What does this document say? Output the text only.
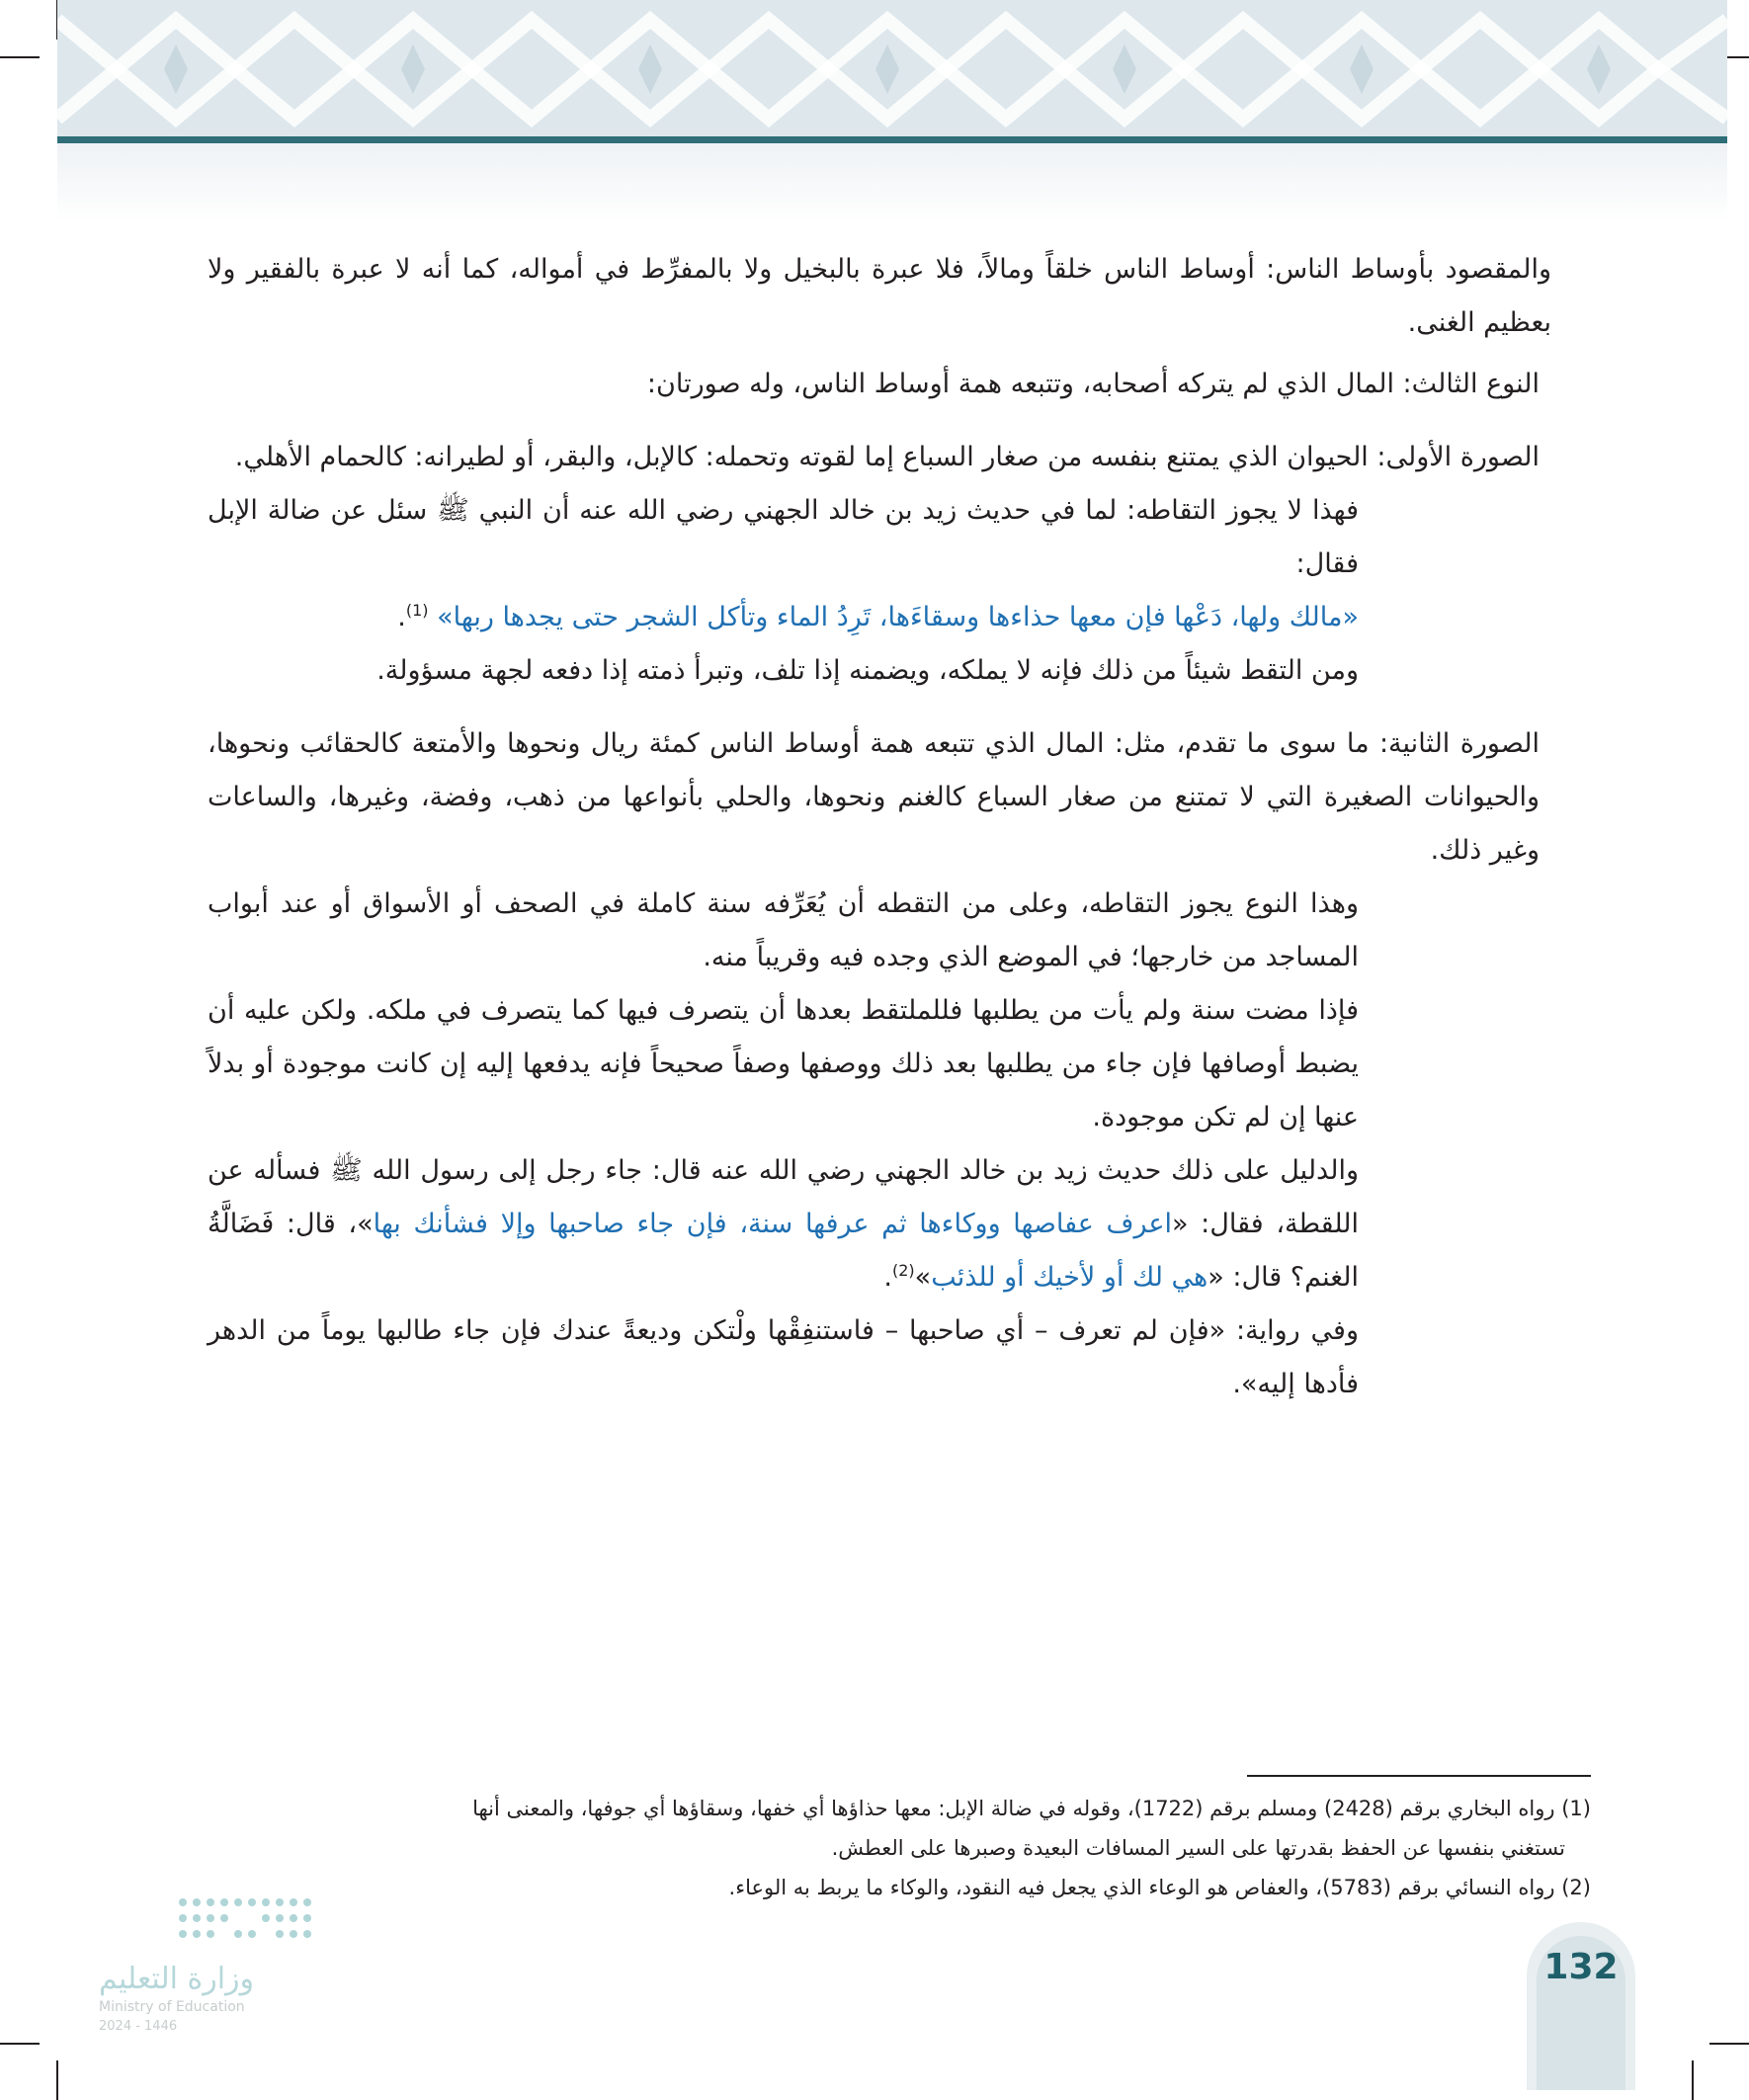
والمقصود بأوساط الناس: أوساط الناس خلقاً ومالاً، فلا عبرة بالبخيل ولا بالمفرِّط في أمواله، كما أنه لا عبرة بالفقير ولا بعظيم الغنى.

النوع الثالث: المال الذي لم يتركه أصحابه، وتتبعه همة أوساط الناس، وله صورتان:

الصورة الأولى: الحيوان الذي يمتنع بنفسه من صغار السباع إما لقوته وتحمله: كالإبل، والبقر، أو لطيرانه: كالحمام الأهلي.

فهذا لا يجوز التقاطه: لما في حديث زيد بن خالد الجهني رضي الله عنه أن النبي ﷺ سئل عن ضالة الإبل فقال:
«مالك ولها، دَعْها فإن معها حذاءها وسقاءَها، تَرِدُ الماء وتأكل الشجر حتى يجدها ربها» $^{(1)}$.
ومن التقط شيئاً من ذلك فإنه لا يملكه، ويضمنه إذا تلف، وتبرأ ذمته إذا دفعه لجهة مسؤولة.

الصورة الثانية: ما سوى ما تقدم، مثل: المال الذي تتبعه همة أوساط الناس كمئة ريال ونحوها والأمتعة كالحقائب ونحوها، والحيوانات الصغيرة التي لا تمتنع من صغار السباع كالغنم ونحوها، والحلي بأنواعها من ذهب، وفضة، وغيرها، والساعات وغير ذلك.

وهذا النوع يجوز التقاطه، وعلى من التقطه أن يُعَرِّفه سنة كاملة في الصحف أو الأسواق أو عند أبواب المساجد من خارجها؛ في الموضع الذي وجده فيه وقريباً منه.

فإذا مضت سنة ولم يأت من يطلبها فللملتقط بعدها أن يتصرف فيها كما يتصرف في ملكه. ولكن عليه أن يضبط أوصافها فإن جاء من يطلبها بعد ذلك ووصفها وصفاً صحيحاً فإنه يدفعها إليه إن كانت موجودة أو بدلاً عنها إن لم تكن موجودة.

والدليل على ذلك حديث زيد بن خالد الجهني رضي الله عنه قال: جاء رجل إلى رسول الله ﷺ فسأله عن اللقطة، فقال: «اعرف عفاصها ووكاءها ثم عرفها سنة، فإن جاء صاحبها وإلا فشأنك بها»، قال: فَضَالَّةُ الغنم؟ قال: «هي لك أو لأخيك أو للذئب»$^{(2)}$.

وفي رواية: «فإن لم تعرف – أي صاحبها – فاستنفِقْها ولْتكن وديعةً عندك فإن جاء طالبها يوماً من الدهر فأدها إليه».

(1) رواه البخاري برقم (2428) ومسلم برقم (1722)، وقوله في ضالة الإبل: معها حذاؤها أي خفها، وسقاؤها أي جوفها، والمعنى أنها

تستغني بنفسها عن الحفظ بقدرتها على السير المسافات البعيدة وصبرها على العطش.

(2) رواه النسائي برقم (5783)، والعفاص هو الوعاء الذي يجعل فيه النقود، والوكاء ما يربط به الوعاء.

132
وزارة التعليم
Ministry of Education
2024 - 1446
